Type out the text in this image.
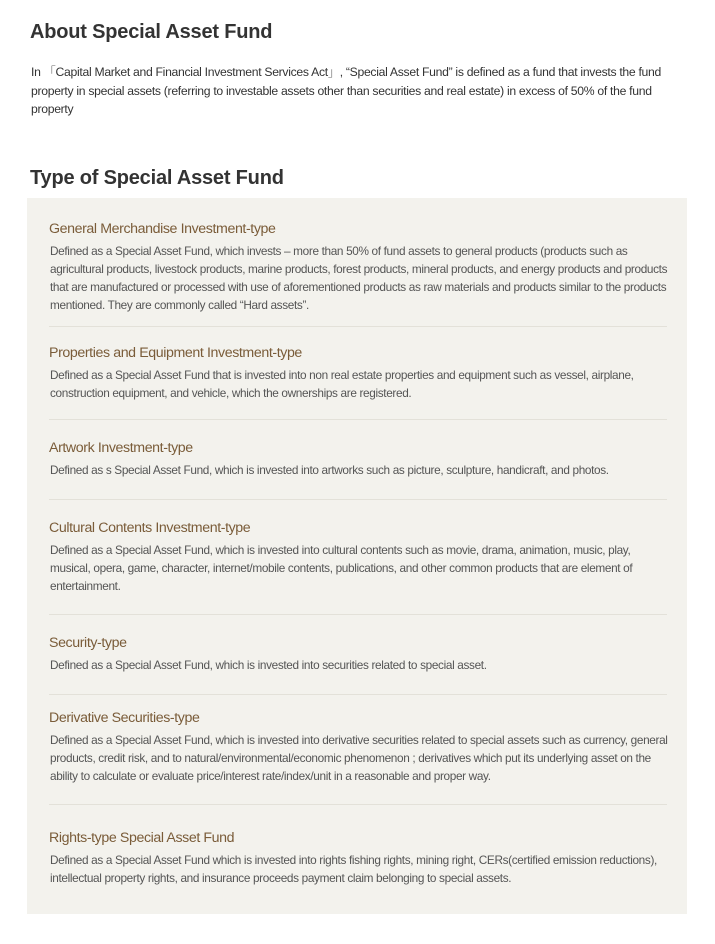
About Special Asset Fund

In 「Capital Market and Financial Investment Services Act」, “Special Asset Fund” is defined as a fund that invests the fund property in special assets (referring to investable assets other than securities and real estate) in excess of 50% of the fund property

Type of Special Asset Fund
General Merchandise Investment-type

Defined as a Special Asset Fund, which invests – more than 50% of fund assets to general products (products such as agricultural products, livestock products, marine products, forest products, mineral products, and energy products and products that are manufactured or processed with use of aforementioned products as raw materials and products similar to the products mentioned. They are commonly called “Hard assets”.

Properties and Equipment Investment-type

Defined as a Special Asset Fund that is invested into non real estate properties and equipment such as vessel, airplane, construction equipment, and vehicle, which the ownerships are registered.

Artwork Investment-type

Defined as s Special Asset Fund, which is invested into artworks such as picture, sculpture, handicraft, and photos.

Cultural Contents Investment-type

Defined as a Special Asset Fund, which is invested into cultural contents such as movie, drama, animation, music, play, musical, opera, game, character, internet/mobile contents, publications, and other common products that are element of entertainment.

Security-type

Defined as a Special Asset Fund, which is invested into securities related to special asset.

Derivative Securities-type

Defined as a Special Asset Fund, which is invested into derivative securities related to special assets such as currency, general products, credit risk, and to natural/environmental/economic phenomenon ; derivatives which put its underlying asset on the ability to calculate or evaluate price/interest rate/index/unit in a reasonable and proper way.

Rights-type Special Asset Fund

Defined as a Special Asset Fund which is invested into rights fishing rights, mining right, CERs(certified emission reductions), intellectual property rights, and insurance proceeds payment claim belonging to special assets.
